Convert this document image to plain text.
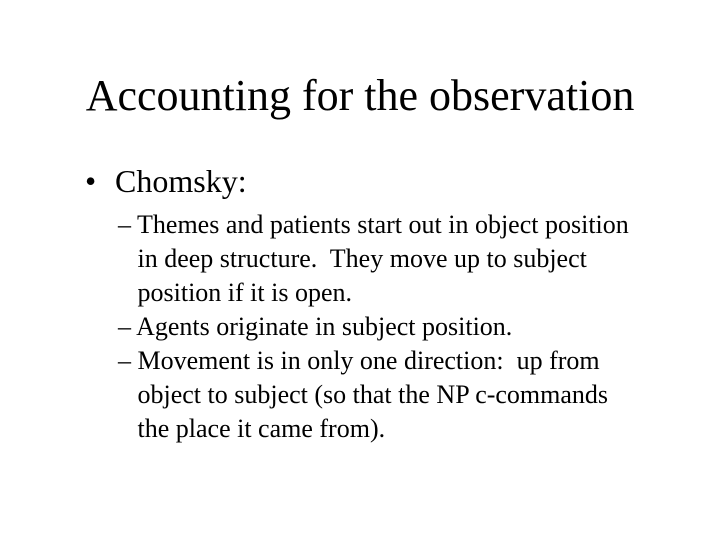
Accounting for the observation
• Chomsky:
– Themes and patients start out in object position
in deep structure.  They move up to subject
position if it is open.
– Agents originate in subject position.
– Movement is in only one direction:  up from
object to subject (so that the NP c-commands
the place it came from).
